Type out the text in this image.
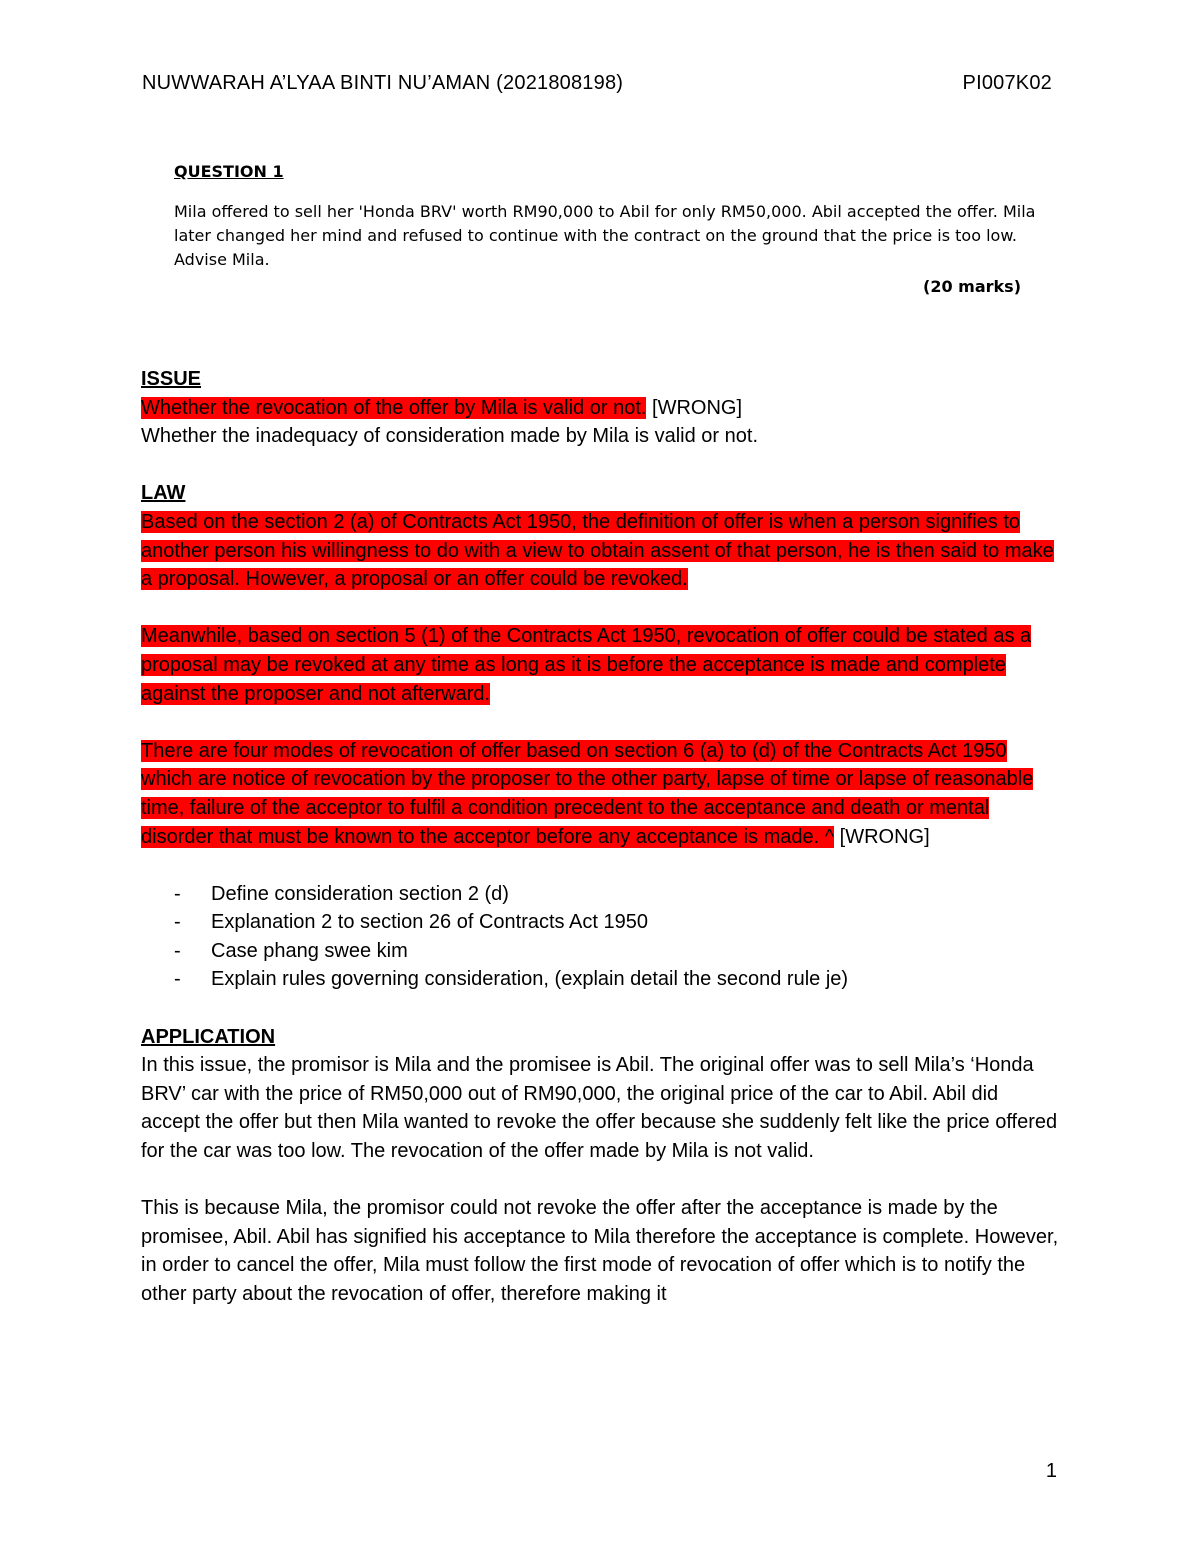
NUWWARAH A’LYAA BINTI NU’AMAN (2021808198)	PI007K02
QUESTION 1

Mila offered to sell her 'Honda BRV' worth RM90,000 to Abil for only RM50,000. Abil accepted the offer. Mila later changed her mind and refused to continue with the contract on the ground that the price is too low. Advise Mila.

(20 marks)

ISSUE

Whether the revocation of the offer by Mila is valid or not. [WRONG]

Whether the inadequacy of consideration made by Mila is valid or not.

LAW

Based on the section 2 (a) of Contracts Act 1950, the definition of offer is when a person signifies to another person his willingness to do with a view to obtain assent of that person, he is then said to make a proposal. However, a proposal or an offer could be revoked.

Meanwhile, based on section 5 (1) of the Contracts Act 1950, revocation of offer could be stated as a proposal may be revoked at any time as long as it is before the acceptance is made and complete against the proposer and not afterward.

There are four modes of revocation of offer based on section 6 (a) to (d) of the Contracts Act 1950 which are notice of revocation by the proposer to the other party, lapse of time or lapse of reasonable time, failure of the acceptor to fulfil a condition precedent to the acceptance and death or mental disorder that must be known to the acceptor before any acceptance is made. ^ [WRONG]

- Define consideration section 2 (d)
- Explanation 2 to section 26 of Contracts Act 1950
- Case phang swee kim
- Explain rules governing consideration, (explain detail the second rule je)

APPLICATION

In this issue, the promisor is Mila and the promisee is Abil. The original offer was to sell Mila’s ‘Honda BRV’ car with the price of RM50,000 out of RM90,000, the original price of the car to Abil. Abil did accept the offer but then Mila wanted to revoke the offer because she suddenly felt like the price offered for the car was too low. The revocation of the offer made by Mila is not valid.

This is because Mila, the promisor could not revoke the offer after the acceptance is made by the promisee, Abil. Abil has signified his acceptance to Mila therefore the acceptance is complete. However, in order to cancel the offer, Mila must follow the first mode of revocation of offer which is to notify the other party about the revocation of offer, therefore making it

1
